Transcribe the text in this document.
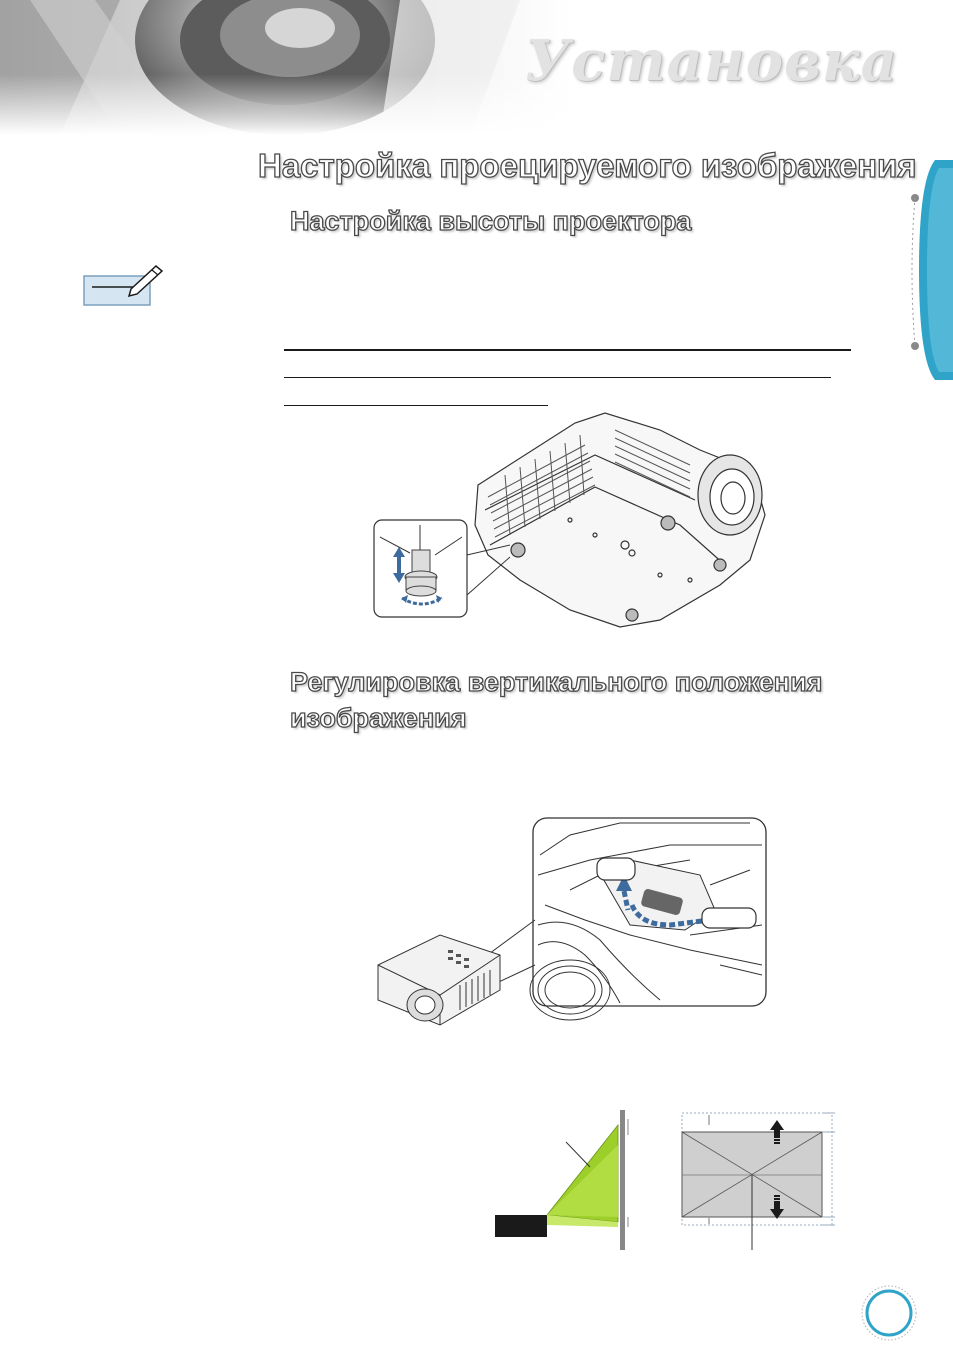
Установка
Настройка проецируемого изображения
Настройка высоты проектора
Регулировка вертикального положения изображения
